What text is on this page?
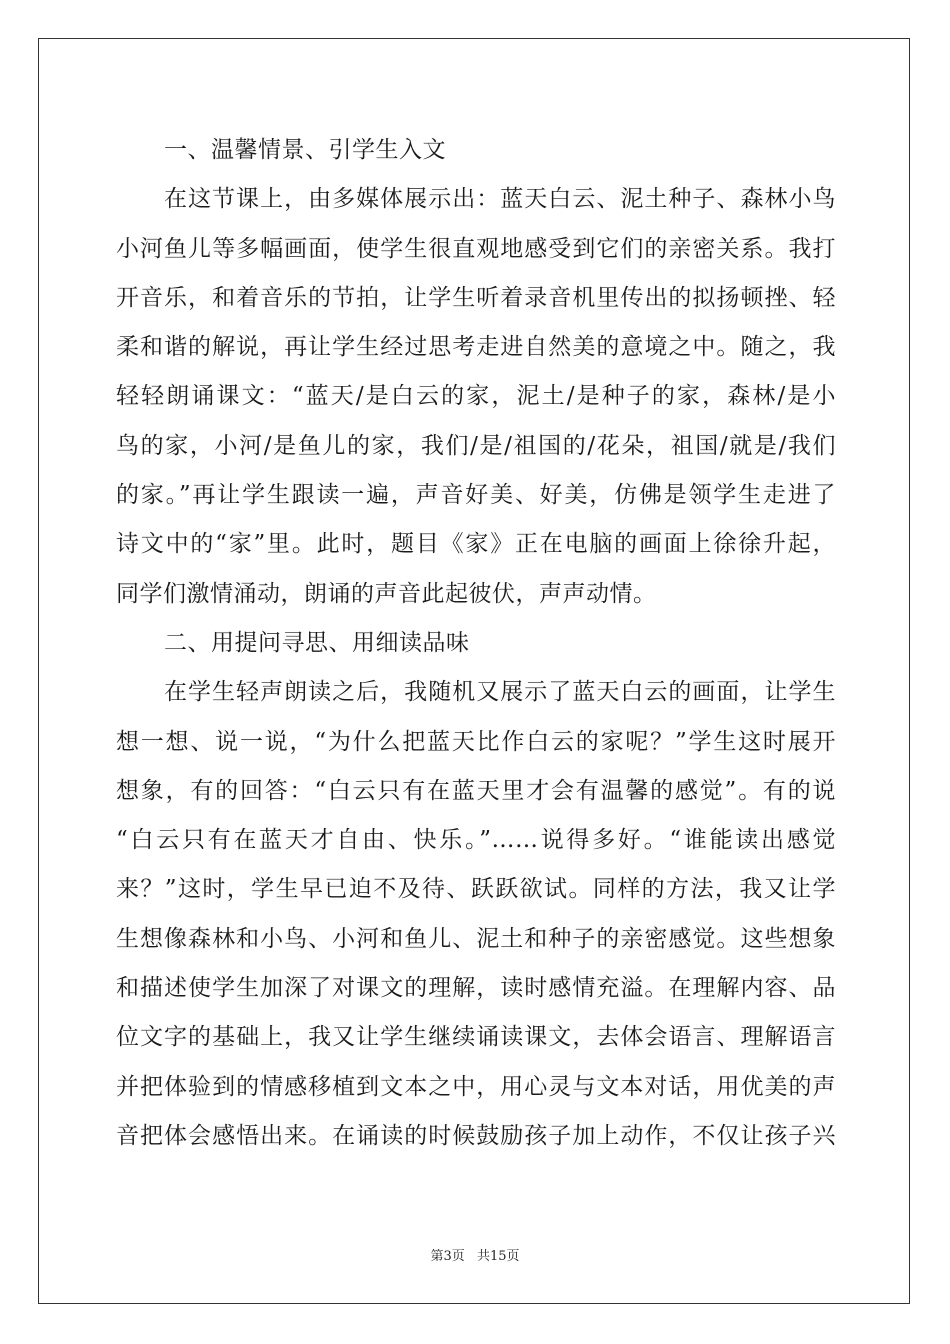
一、温馨情景、引学生入文
在这节课上，由多媒体展示出：蓝天白云、泥土种子、森林小鸟
小河鱼儿等多幅画面，使学生很直观地感受到它们的亲密关系。我打
开音乐，和着音乐的节拍，让学生听着录音机里传出的拟扬顿挫、轻
柔和谐的解说，再让学生经过思考走进自然美的意境之中。随之，我
轻轻朗诵课文：“蓝天/是白云的家，泥土/是种子的家，森林/是小
鸟的家，小河/是鱼儿的家，我们/是/祖国的/花朵，祖国/就是/我们
的家。”再让学生跟读一遍，声音好美、好美，仿佛是领学生走进了
诗文中的“家”里。此时，题目《家》正在电脑的画面上徐徐升起，
同学们激情涌动，朗诵的声音此起彼伏，声声动情。
二、用提问寻思、用细读品味
在学生轻声朗读之后，我随机又展示了蓝天白云的画面，让学生
想一想、说一说，“为什么把蓝天比作白云的家呢？”学生这时展开
想象，有的回答：“白云只有在蓝天里才会有温馨的感觉”。有的说
“白云只有在蓝天才自由、快乐。”……说得多好。“谁能读出感觉
来？”这时，学生早已迫不及待、跃跃欲试。同样的方法，我又让学
生想像森林和小鸟、小河和鱼儿、泥土和种子的亲密感觉。这些想象
和描述使学生加深了对课文的理解，读时感情充溢。在理解内容、品
位文字的基础上，我又让学生继续诵读课文，去体会语言、理解语言
并把体验到的情感移植到文本之中，用心灵与文本对话，用优美的声
音把体会感悟出来。在诵读的时候鼓励孩子加上动作，不仅让孩子兴
第3页 共15页
